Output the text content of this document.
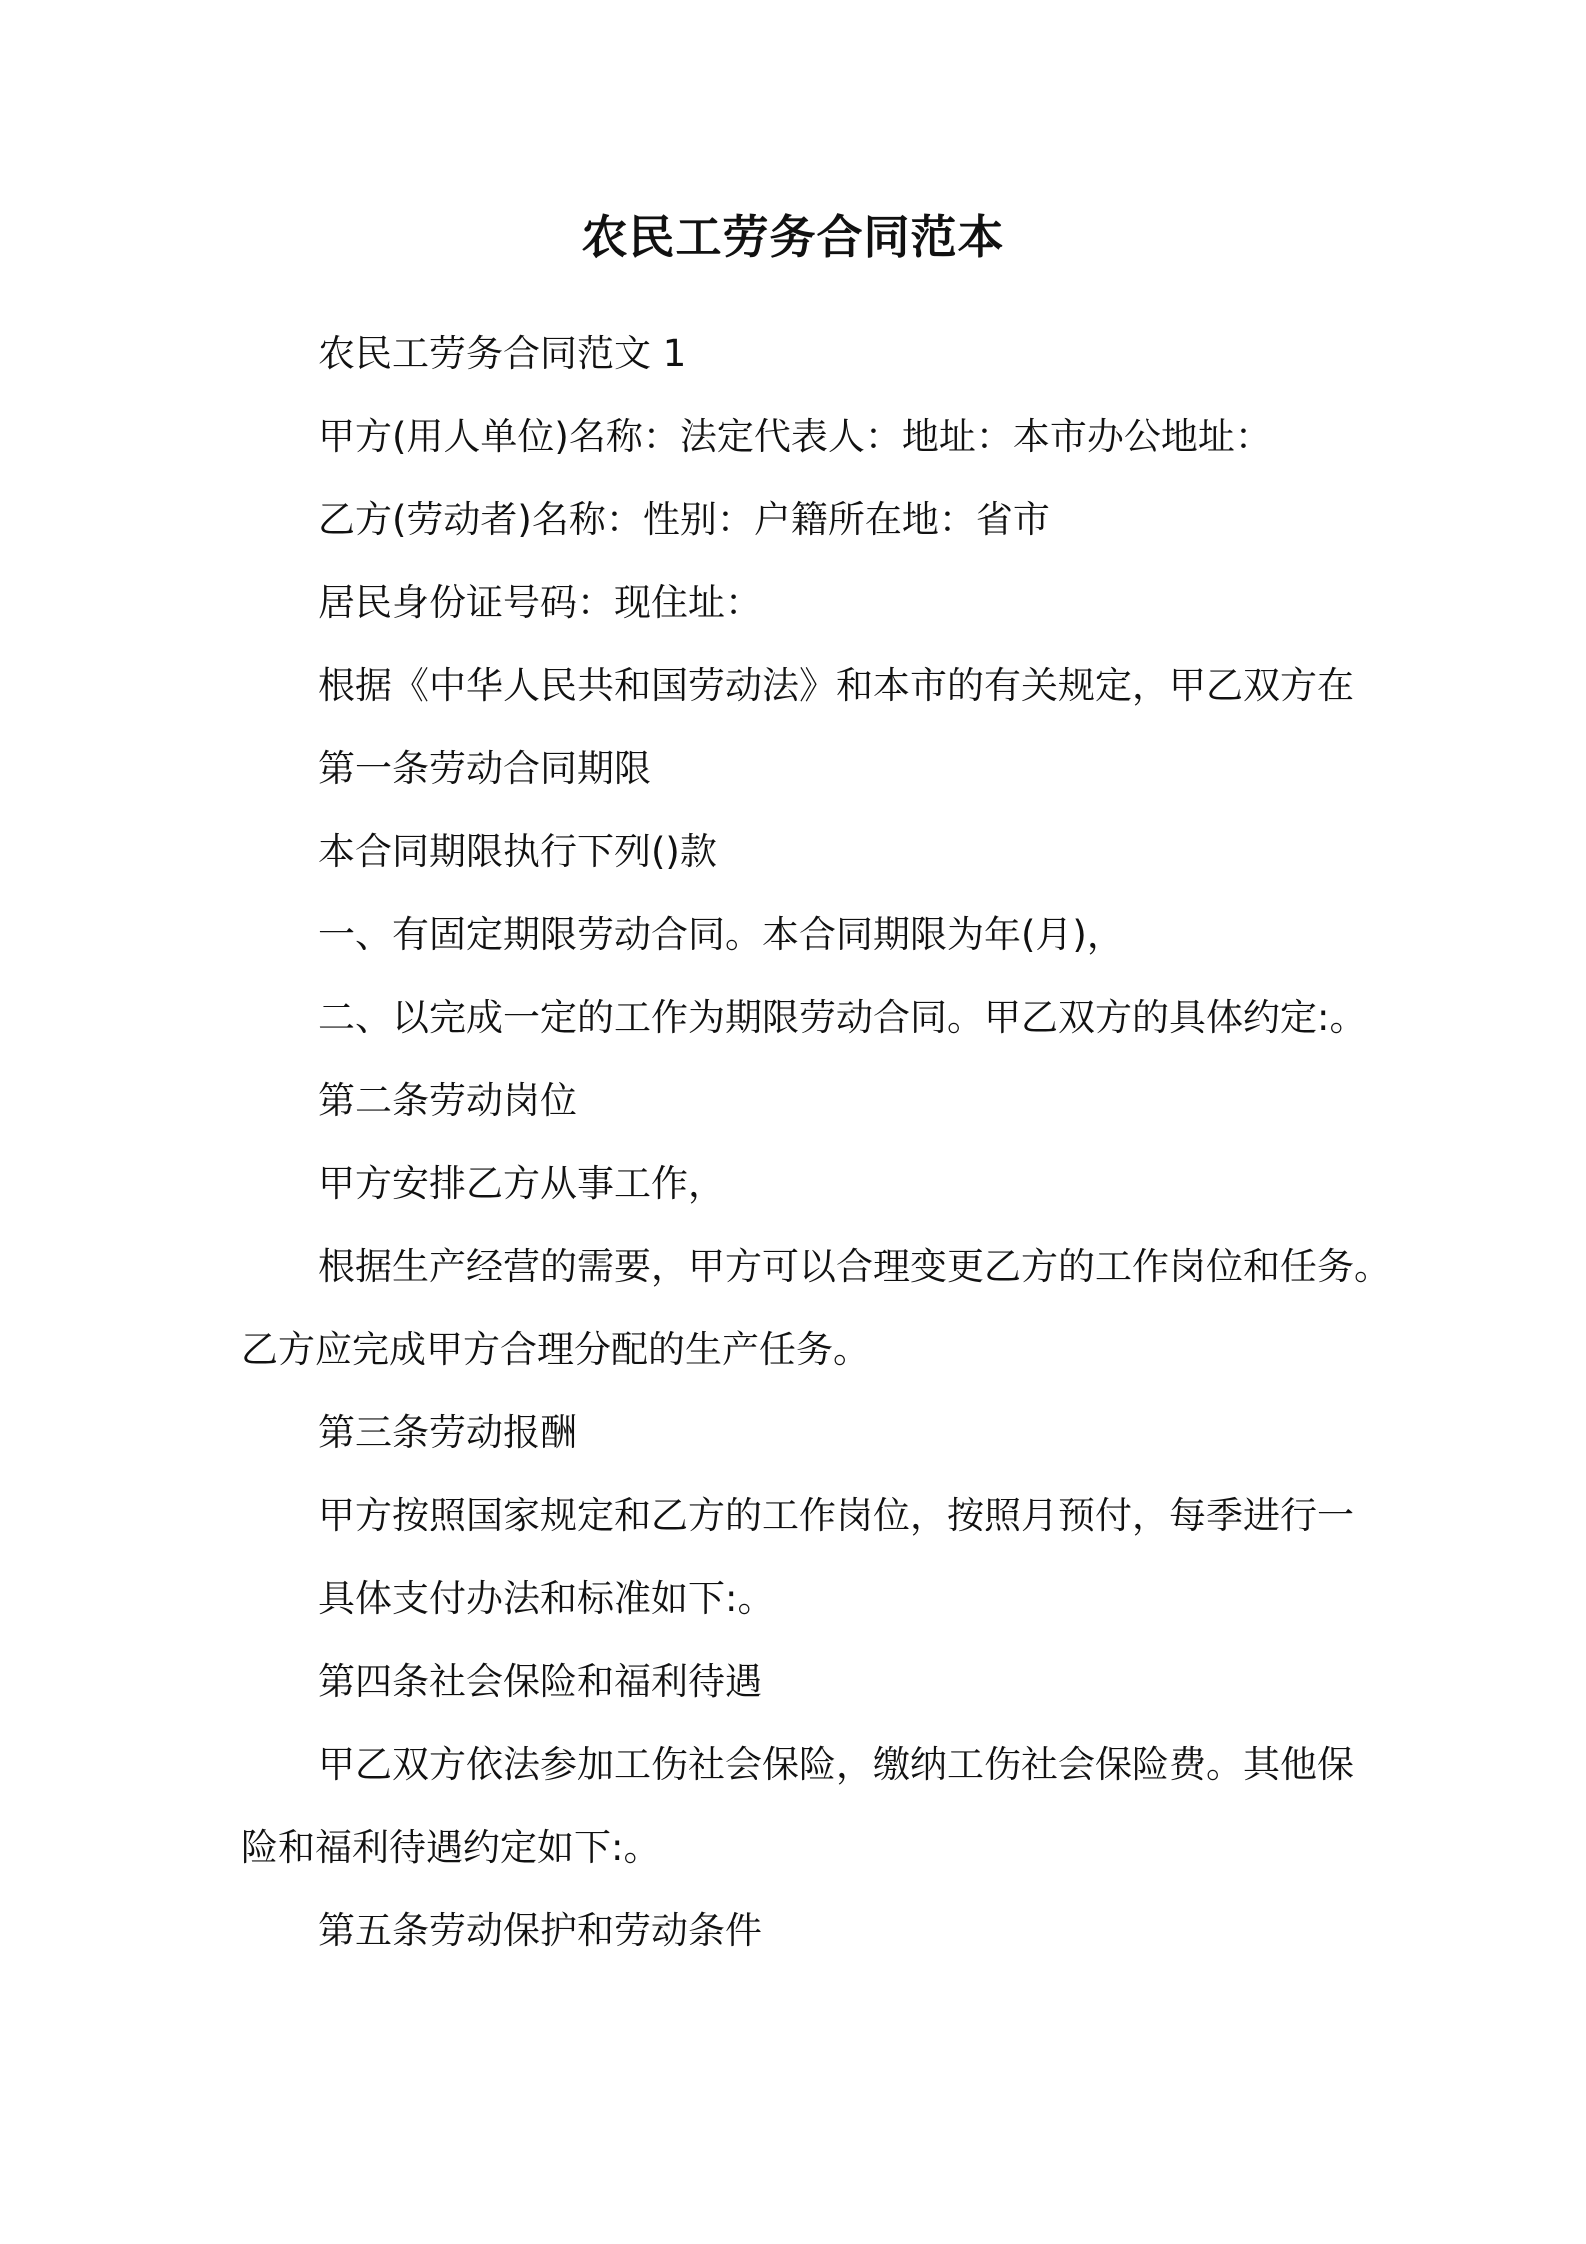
农民工劳务合同范本
农民工劳务合同范文 1
甲方(用人单位)名称：法定代表人：地址：本市办公地址：
乙方(劳动者)名称：性别：户籍所在地：省市
居民身份证号码：现住址：
根据《中华人民共和国劳动法》和本市的有关规定，甲乙双方在
第一条劳动合同期限
本合同期限执行下列()款
一、有固定期限劳动合同。本合同期限为年(月)，
二、以完成一定的工作为期限劳动合同。甲乙双方的具体约定:。
第二条劳动岗位
甲方安排乙方从事工作，
根据生产经营的需要，甲方可以合理变更乙方的工作岗位和任务。
乙方应完成甲方合理分配的生产任务。
第三条劳动报酬
甲方按照国家规定和乙方的工作岗位，按照月预付，每季进行一
具体支付办法和标准如下:。
第四条社会保险和福利待遇
甲乙双方依法参加工伤社会保险，缴纳工伤社会保险费。其他保
险和福利待遇约定如下:。
第五条劳动保护和劳动条件
